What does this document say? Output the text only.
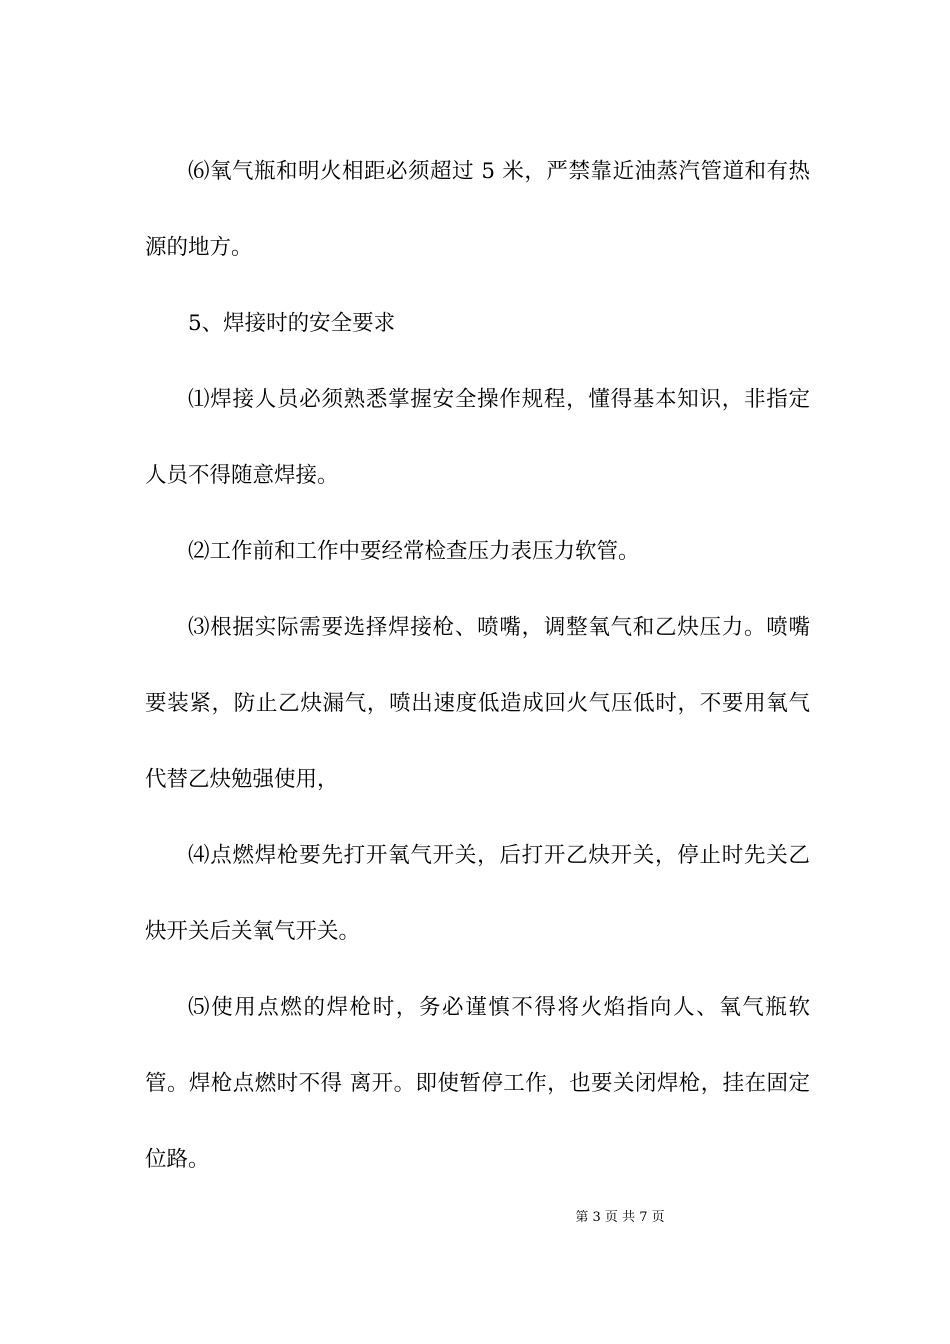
⑹氧气瓶和明火相距必须超过 5 米，严禁靠近油蒸汽管道和有热源的地方。

5、焊接时的安全要求

⑴焊接人员必须熟悉掌握安全操作规程，懂得基本知识，非指定人员不得随意焊接。

⑵工作前和工作中要经常检查压力表压力软管。

⑶根据实际需要选择焊接枪、喷嘴，调整氧气和乙炔压力。喷嘴要装紧，防止乙炔漏气，喷出速度低造成回火气压低时，不要用氧气代替乙炔勉强使用，

⑷点燃焊枪要先打开氧气开关，后打开乙炔开关，停止时先关乙炔开关后关氧气开关。

⑸使用点燃的焊枪时，务必谨慎不得将火焰指向人、氧气瓶软管。焊枪点燃时不得 离开。即使暂停工作，也要关闭焊枪，挂在固定位路。

第 3 页 共 7 页
